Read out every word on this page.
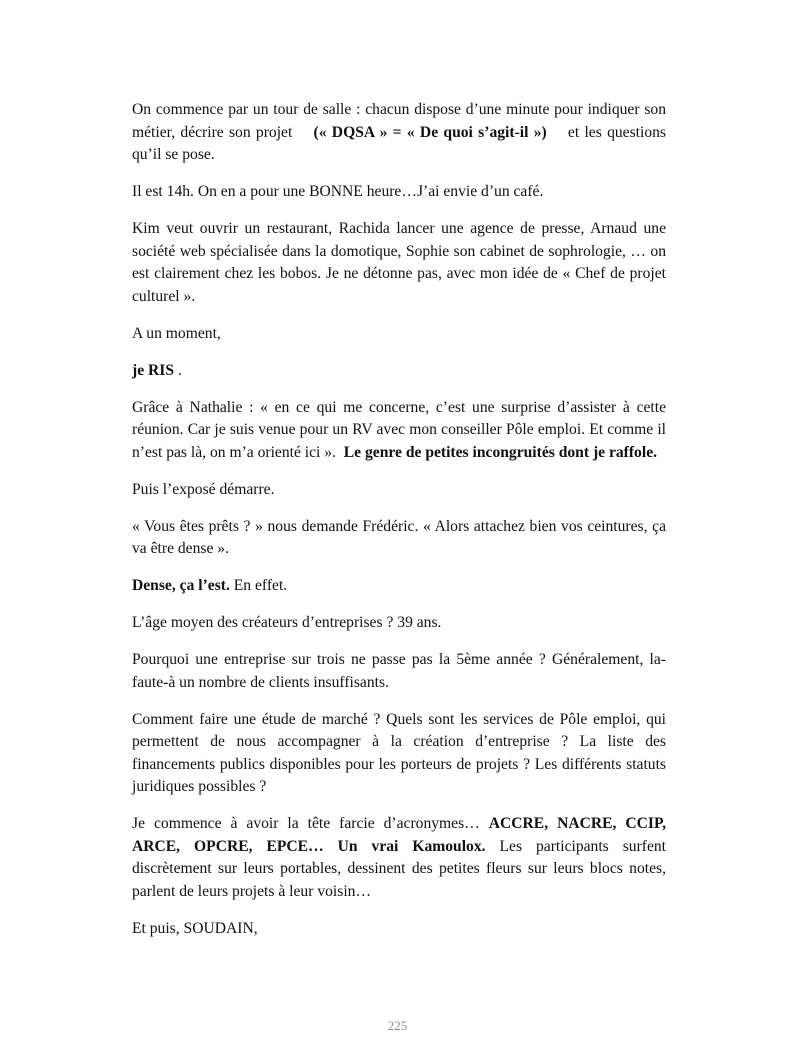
On commence par un tour de salle : chacun dispose d’une minute pour indiquer son métier, décrire son projet (« DQSA » = « De quoi s’agit-il ») et les questions qu’il se pose.

Il est 14h. On en a pour une BONNE heure…J’ai envie d’un café.

Kim veut ouvrir un restaurant, Rachida lancer une agence de presse, Arnaud une société web spécialisée dans la domotique, Sophie son cabinet de sophrologie, … on est clairement chez les bobos. Je ne détonne pas, avec mon idée de « Chef de projet culturel ».

A un moment,

je RIS .

Grâce à Nathalie : « en ce qui me concerne, c’est une surprise d’assister à cette réunion. Car je suis venue pour un RV avec mon conseiller Pôle emploi. Et comme il n’est pas là, on m’a orienté ici ». Le genre de petites incongruités dont je raffole.

Puis l’exposé démarre.

« Vous êtes prêts ? » nous demande Frédéric. « Alors attachez bien vos ceintures, ça va être dense ».

Dense, ça l’est. En effet.

L’âge moyen des créateurs d’entreprises ? 39 ans.

Pourquoi une entreprise sur trois ne passe pas la 5ème année ? Généralement, la-faute-à un nombre de clients insuffisants.

Comment faire une étude de marché ? Quels sont les services de Pôle emploi, qui permettent de nous accompagner à la création d’entreprise ? La liste des financements publics disponibles pour les porteurs de projets ? Les différents statuts juridiques possibles ?

Je commence à avoir la tête farcie d’acronymes… ACCRE, NACRE, CCIP, ARCE, OPCRE, EPCE… Un vrai Kamoulox. Les participants surfent discrètement sur leurs portables, dessinent des petites fleurs sur leurs blocs notes, parlent de leurs projets à leur voisin…

Et puis, SOUDAIN,

225
